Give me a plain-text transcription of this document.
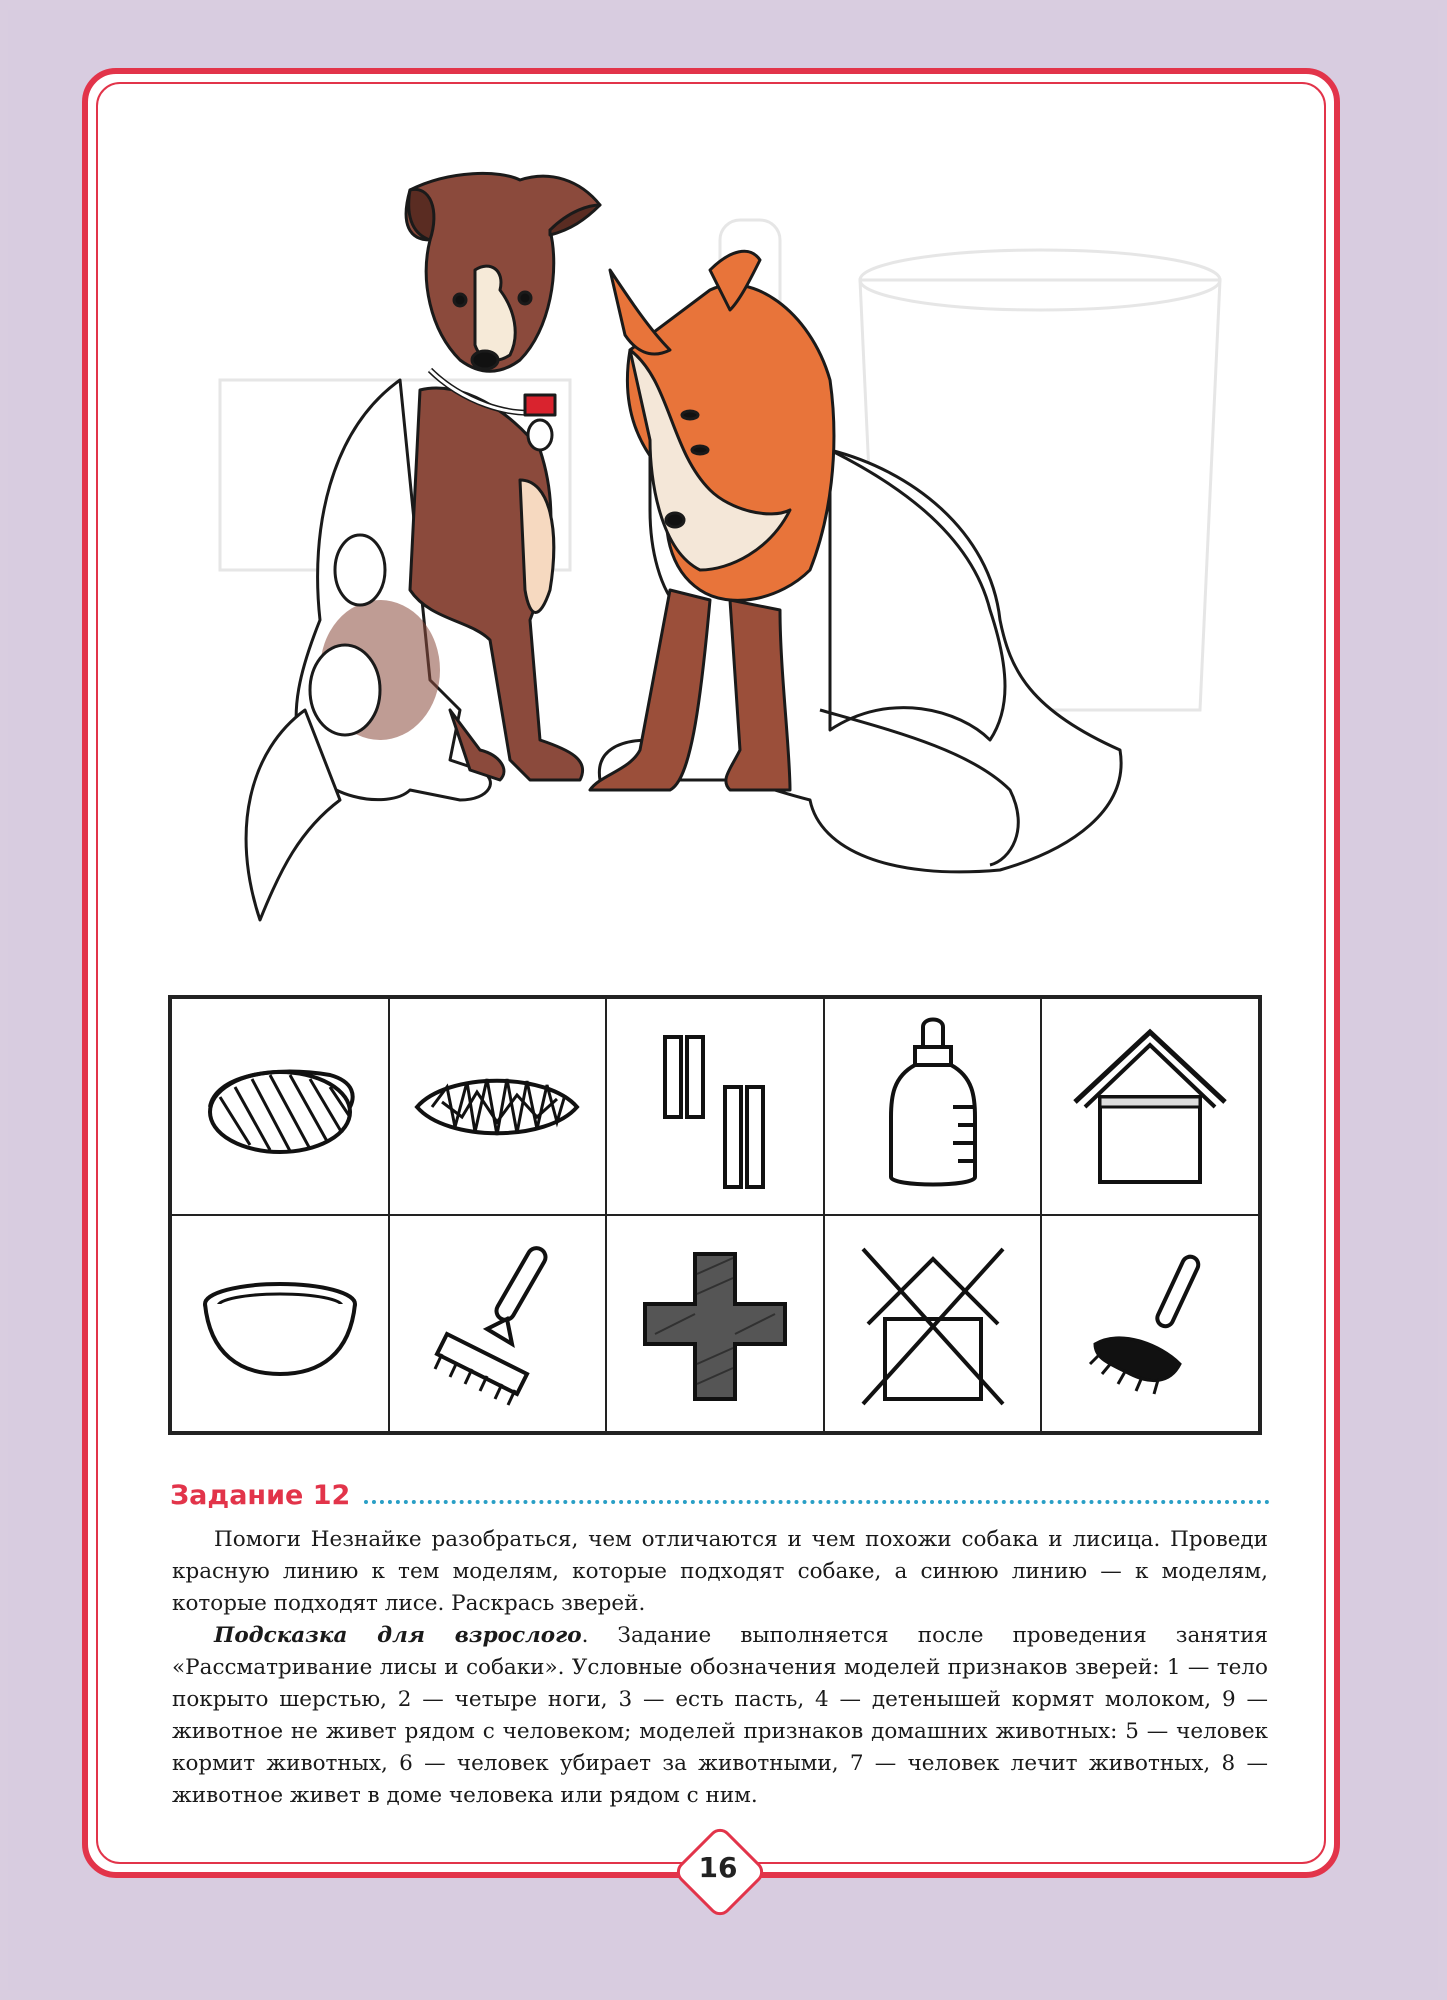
Задание 12

Помоги Незнайке разобраться, чем отличаются и чем похожи собака и лисица. Проведи красную линию к тем моделям, которые подходят собаке, а синюю линию — к моделям, которые подходят лисе. Раскрась зверей.

Подсказка для взрослого. Задание выполняется после проведения занятия «Рассматривание лисы и собаки». Условные обозначения моделей признаков зверей: 1 — тело покрыто шерстью, 2 — четыре ноги, 3 — есть пасть, 4 — детенышей кормят молоком, 9 — животное не живет рядом с человеком; моделей признаков домашних животных: 5 — человек кормит животных, 6 — человек убирает за животными, 7 — человек лечит животных, 8 — животное живет в доме человека или рядом с ним.

16
